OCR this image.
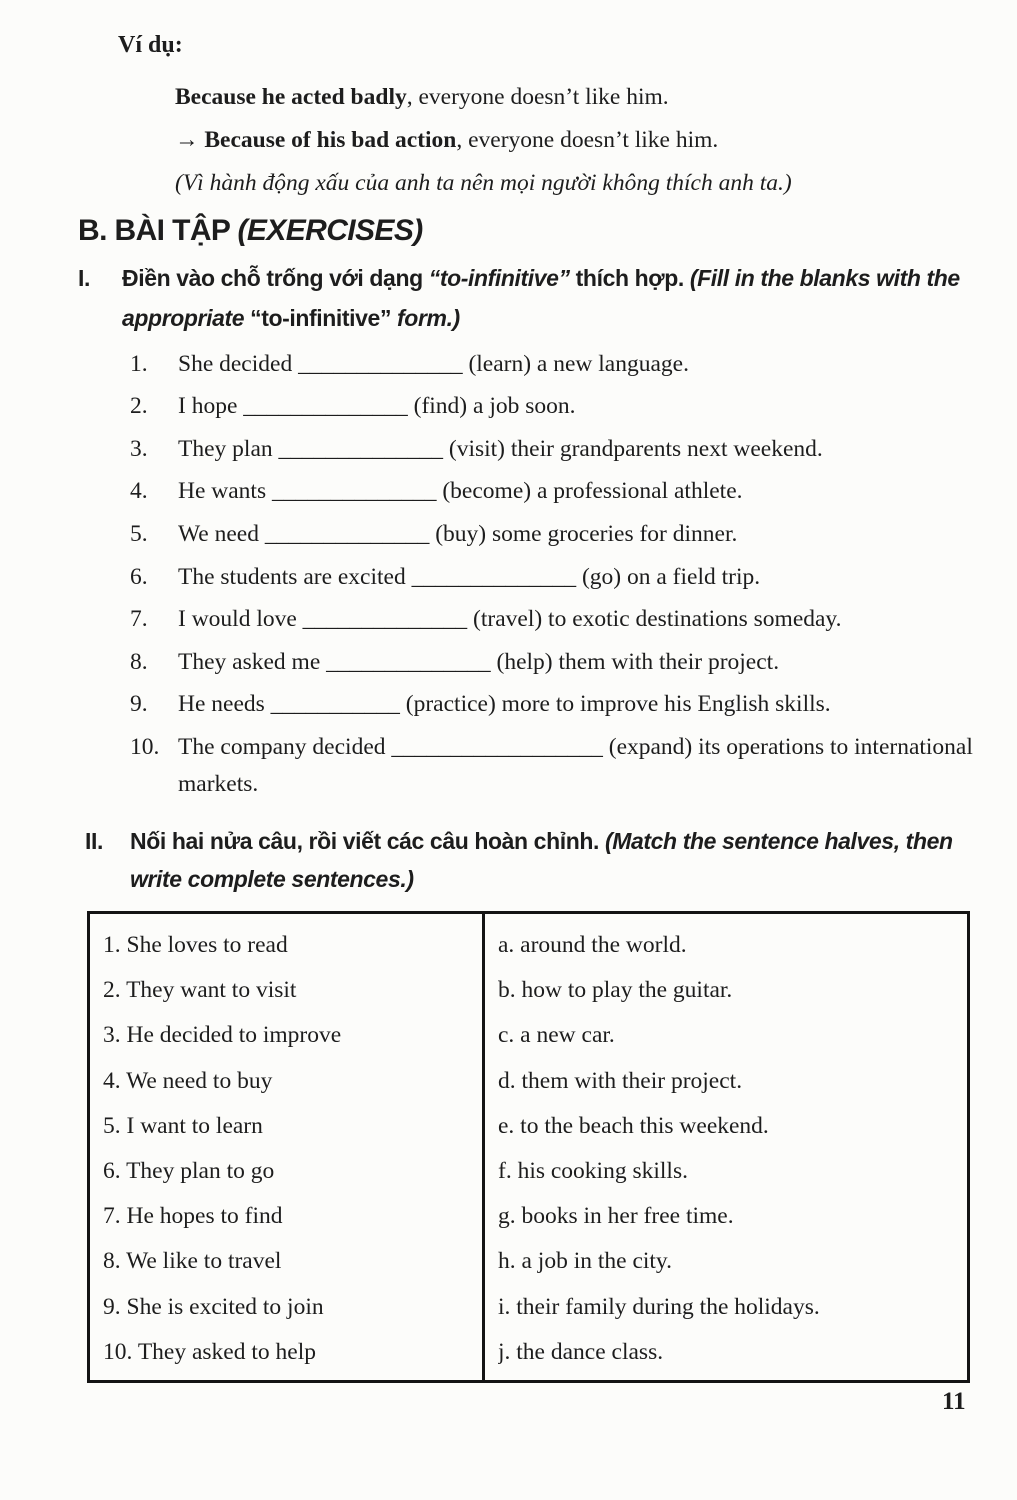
Ví dụ:
Because he acted badly, everyone doesn’t like him.
→ Because of his bad action, everyone doesn’t like him.
(Vì hành động xấu của anh ta nên mọi người không thích anh ta.)
B. BÀI TẬP (EXERCISES)
I. Điền vào chỗ trống với dạng “to-infinitive” thích hợp. (Fill in the blanks with the appropriate “to-infinitive” form.)
1. She decided ______________ (learn) a new language.
2. I hope ______________ (find) a job soon.
3. They plan ______________ (visit) their grandparents next weekend.
4. He wants ______________ (become) a professional athlete.
5. We need ______________ (buy) some groceries for dinner.
6. The students are excited ______________ (go) on a field trip.
7. I would love ______________ (travel) to exotic destinations someday.
8. They asked me ______________ (help) them with their project.
9. He needs ___________ (practice) more to improve his English skills.
10. The company decided __________________ (expand) its operations to international markets.
II. Nối hai nửa câu, rồi viết các câu hoàn chỉnh. (Match the sentence halves, then write complete sentences.)
1. She loves to read
2. They want to visit
3. He decided to improve
4. We need to buy
5. I want to learn
6. They plan to go
7. He hopes to find
8. We like to travel
9. She is excited to join
10. They asked to help
a. around the world.
b. how to play the guitar.
c. a new car.
d. them with their project.
e. to the beach this weekend.
f. his cooking skills.
g. books in her free time.
h. a job in the city.
i. their family during the holidays.
j. the dance class.
11
